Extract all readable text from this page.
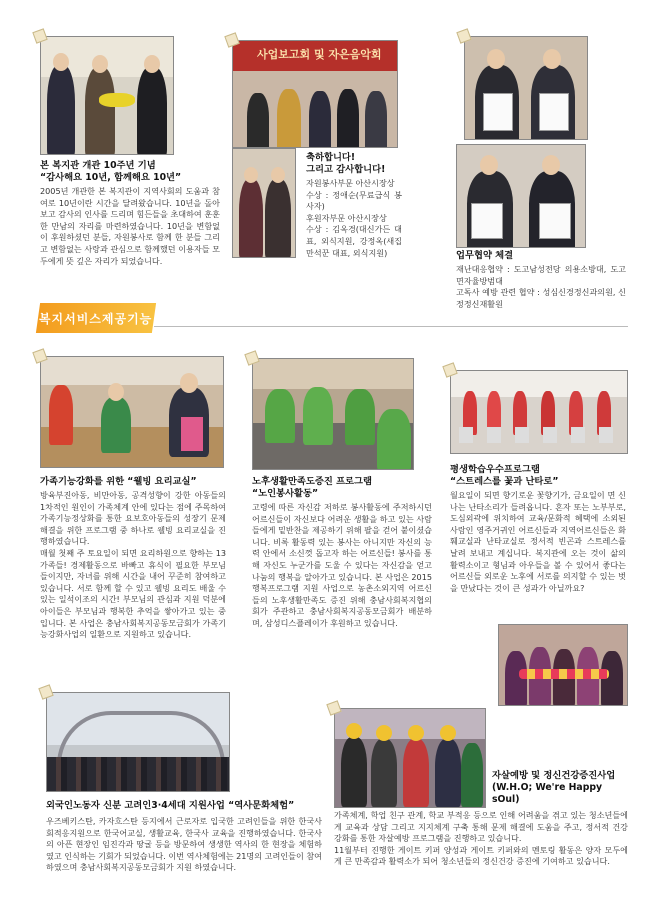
사업보고회 및 자은음악회
본 복지관 개관 10주년 기념
“감사해요 10년, 함께해요 10년”
2005년 개관한 본 복지관이 지역사회의 도움과 참여로 10년이란 시간을 달려왔습니다. 10년을 돌아보고 감사의 인사를 드리며 힘든들을 초대하여 훈훈한 만남의 자리를 마련하였습니다. 10년을 변함없이 후원하셨던 분들, 자원봉사로 함께 한 분들 그리고 변함없는 사랑과 관심으로 함께했던 이용자들 모두에게 뜻 깊은 자리가 되었습니다.
축하합니다!
그리고 감사합니다!
자원봉사부문 아산시장상
수상 : 정애순(무료급식 봉사자)
후원자부문 아산시장상
수상 : 김옥경(대신가든 대표, 외식지원, 강정옥(새집만석꾼 대표, 외식지원)	업무협약 체결
재난대응협약 : 도고남성전당 의용소방대, 도고면자율방범대
고독사 예방 관련 협약 : 성심신경정신과의원, 신정정신재활원
복지서비스제공기능
가족기능강화를 위한 “웰빙 요리교실”
방육부진아동, 비만아동, 공격성향이 강한 아동들의 1차적인 원인이 가족체계 안에 있다는 점에 주목하여 가족기능정상화를 통한 요보호아동들의 성장기 문제 해결을 위한 프로그램 중 하나로 웰빙 요리교실을 진행하였습니다.
매월 첫째 주 토요일이 되면 요리하원으로 향하는 13가족들! 경제활동으로 바빠고 휴식이 필요한 부모님들이지만, 자녀를 위해 시간을 내어 꾸준히 참여하고 있습니다. 서로 함께 할 수 있고 웰빙 요리도 배울 수 있는 일석이조의 시간! 부모님의 관심과 지원 덕분에 아이들은 부모님과 행복한 추억을 쌓아가고 있는 중입니다. 본 사업은 충남사회복지공동모금회가 가족기능강화사업의 일환으로 지원하고 있습니다.
노후생활만족도증진 프로그램
“노인봉사활동”
고령에 따른 자신감 저하로 봉사활동에 주저하시던 어르신들이 자신보다 어려운 생활을 하고 있는 사람들에게 밑반찬을 제공하기 위해 팔을 걷어 붙이셨습니다. 비록 활동력 있는 봉사는 아니지만 자신의 능력 안에서 소신껏 돕고자 하는 어르신들! 봉사를 통해 자신도 누군가를 도울 수 있다는 자신감을 얻고 나눔의 행복을 알아가고 있습니다. 본 사업은 2015 행복프로그램 지원 사업으로 농촌소외지역 어르신들의 노후생활만족도 증진 위해 충남사회복지협의회가 주관하고 충남사회복지공동모금회가 배분하며, 삼성디스플레이가 후원하고 있습니다.
평생학습우수프로그램
“스트레스를 꽃과 난타로”
월요일이 되면 향기로운 꽃향기가, 금요일이 면 신나는 난타소리가 들려옵니다. 혼자 또는 노부부로, 도심외곽에 위치하여 교육/문화적 혜택에 소외된 사람인 영주거귀인 어르신들과 지역어르신들은 화훼교실과 난타교실로 정서적 빈곤과 스트레스를 날려 보내고 계십니다. 복지관에 오는 것이 삶의 활력소이고 형님과 아우들을 볼 수 있어서 좋다는 어르신들 외로운 노후에 서로를 의지할 수 있는 벗을 만났다는 것이 큰 성과가 아닐까요?
외국인노동자 신분 고려인3·4세대 지원사업 “역사문화체험”
우즈베키스탄, 카자흐스탄 등지에서 근로자로 입국한 고려인들을 위한 한국사회적응지원으로 한국어교실, 생활교육, 한국사 교육을 진행하였습니다. 한국사의 아픈 현장인 임진각과 땅굴 등을 방문하여 생생한 역사의 한 현장을 체험하였고 인식하는 기회가 되었습니다. 이번 역사체험에는 21명의 고려인들이 참여하였으며 충남사회복지공동모금회가 지원 하였습니다.
자살예방 및 정신건강증진사업
(W.H.O; We're Happy sOul)
가족체계, 학업 친구 관계, 학교 부적응 등으로 인해 어려움을 겪고 있는 청소년들에게 교육과 상담 그리고 지지체계 구축 통해 문제 해결에 도움을 주고, 정서적 건강 강화를 통한 자살예방 프로그램을 진행하고 있습니다.
11월부터 진행한 게이트 키퍼 양성과 게이트 키퍼와의 멘토링 활동은 양자 모두에게 큰 만족감과 활력소가 되어 청소년들의 정신건강 증진에 기여하고 있습니다.
